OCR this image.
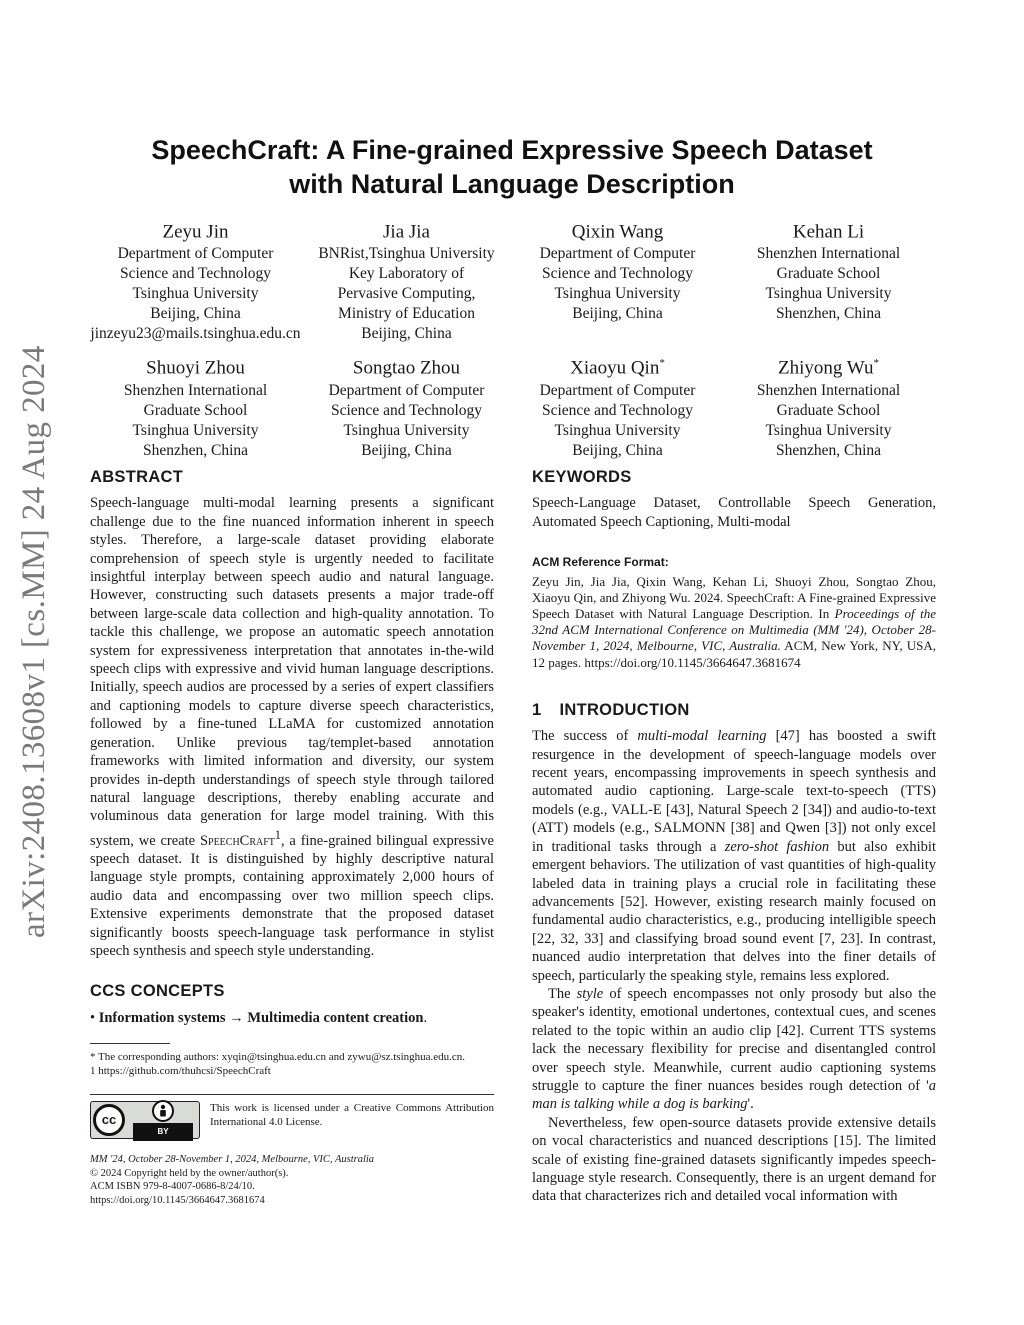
arXiv:2408.13608v1 [cs.MM] 24 Aug 2024
SpeechCraft: A Fine-grained Expressive Speech Dataset
with Natural Language Description
Zeyu Jin
Department of Computer
Science and Technology
Tsinghua University
Beijing, China
jinzeyu23@mails.tsinghua.edu.cn
Jia Jia
BNRist,Tsinghua University
Key Laboratory of
Pervasive Computing,
Ministry of Education
Beijing, China
Qixin Wang
Department of Computer
Science and Technology
Tsinghua University
Beijing, China
Kehan Li
Shenzhen International
Graduate School
Tsinghua University
Shenzhen, China
Shuoyi Zhou
Shenzhen International
Graduate School
Tsinghua University
Shenzhen, China
Songtao Zhou
Department of Computer
Science and Technology
Tsinghua University
Beijing, China
Xiaoyu Qin*
Department of Computer
Science and Technology
Tsinghua University
Beijing, China
Zhiyong Wu*
Shenzhen International
Graduate School
Tsinghua University
Shenzhen, China
ABSTRACT

Speech-language multi-modal learning presents a significant challenge due to the fine nuanced information inherent in speech styles. Therefore, a large-scale dataset providing elaborate comprehension of speech style is urgently needed to facilitate insightful interplay between speech audio and natural language. However, constructing such datasets presents a major trade-off between large-scale data collection and high-quality annotation. To tackle this challenge, we propose an automatic speech annotation system for expressiveness interpretation that annotates in-the-wild speech clips with expressive and vivid human language descriptions. Initially, speech audios are processed by a series of expert classifiers and captioning models to capture diverse speech characteristics, followed by a fine-tuned LLaMA for customized annotation generation. Unlike previous tag/templet-based annotation frameworks with limited information and diversity, our system provides in-depth understandings of speech style through tailored natural language descriptions, thereby enabling accurate and voluminous data generation for large model training. With this system, we create SpeechCraft$^1$, a fine-grained bilingual expressive speech dataset. It is distinguished by highly descriptive natural language style prompts, containing approximately 2,000 hours of audio data and encompassing over two million speech clips. Extensive experiments demonstrate that the proposed dataset significantly boosts speech-language task performance in stylist speech synthesis and speech style understanding.

CCS CONCEPTS

• Information systems → Multimedia content creation.

* The corresponding authors: xyqin@tsinghua.edu.cn and zywu@sz.tsinghua.edu.cn.
1 https://github.com/thuhcsi/SpeechCraft
cc
BY
This work is licensed under a Creative Commons Attribution International 4.0 License.
MM '24, October 28-November 1, 2024, Melbourne, VIC, Australia
© 2024 Copyright held by the owner/author(s).
ACM ISBN 979-8-4007-0686-8/24/10.
https://doi.org/10.1145/3664647.3681674
KEYWORDS

Speech-Language Dataset, Controllable Speech Generation, Automated Speech Captioning, Multi-modal

ACM Reference Format:

Zeyu Jin, Jia Jia, Qixin Wang, Kehan Li, Shuoyi Zhou, Songtao Zhou, Xiaoyu Qin, and Zhiyong Wu. 2024. SpeechCraft: A Fine-grained Expressive Speech Dataset with Natural Language Description. In Proceedings of the 32nd ACM International Conference on Multimedia (MM '24), October 28-November 1, 2024, Melbourne, VIC, Australia. ACM, New York, NY, USA, 12 pages. https://doi.org/10.1145/3664647.3681674

1 INTRODUCTION

The success of multi-modal learning [47] has boosted a swift resurgence in the development of speech-language models over recent years, encompassing improvements in speech synthesis and automated audio captioning. Large-scale text-to-speech (TTS) models (e.g., VALL-E [43], Natural Speech 2 [34]) and audio-to-text (ATT) models (e.g., SALMONN [38] and Qwen [3]) not only excel in traditional tasks through a zero-shot fashion but also exhibit emergent behaviors. The utilization of vast quantities of high-quality labeled data in training plays a crucial role in facilitating these advancements [52]. However, existing research mainly focused on fundamental audio characteristics, e.g., producing intelligible speech [22, 32, 33] and classifying broad sound event [7, 23]. In contrast, nuanced audio interpretation that delves into the finer details of speech, particularly the speaking style, remains less explored.

The style of speech encompasses not only prosody but also the speaker's identity, emotional undertones, contextual cues, and scenes related to the topic within an audio clip [42]. Current TTS systems lack the necessary flexibility for precise and disentangled control over speech style. Meanwhile, current audio captioning systems struggle to capture the finer nuances besides rough detection of 'a man is talking while a dog is barking'.

Nevertheless, few open-source datasets provide extensive details on vocal characteristics and nuanced descriptions [15]. The limited scale of existing fine-grained datasets significantly impedes speech-language style research. Consequently, there is an urgent demand for data that characterizes rich and detailed vocal information with
